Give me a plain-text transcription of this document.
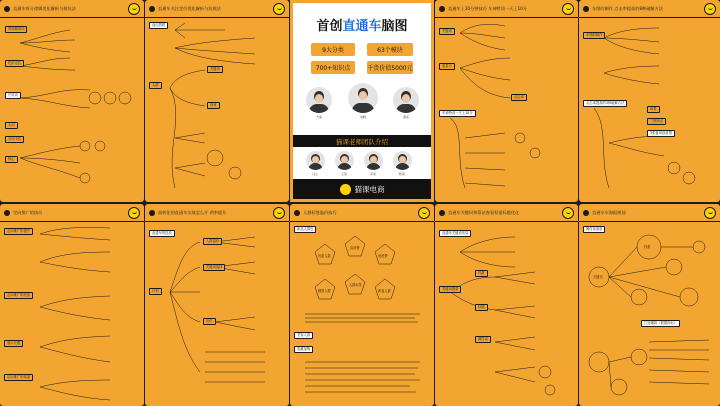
直通车拆分逻辑优化解析与排坑法
常规精准词
托价定位
长尾词
大词
分词卡位
核心
直通车关注定位优化解析与坑规法
选词思路
人群
关键词
创意
首创直通车脑图
9大分类	63个模块
700+知识点	千货价值5000元
方某	刘晓	黄某
猫课老师团队介绍
马立	王某	李某	陈某
猫课电商
直通车上10分钟技巧 车神特训一天上10分
关键词
质量分
车神特训一天上10分
点击率
车图的制作 点击率提高的8种破解方法
车图的制作
点击率提高的3种破解方法
场景
三图卖点
3张备用创意图
定向推广的技巧
定向推广的提升
定向推广的投放
展示位置
定向推广的渠道
高转化的直通车实战怎么开 两率提升
直通车的投放
计划
人群溢价
关键词选择
出价
人群标签溢价技巧
新品人群包
优质人群
高消费
低消费
精准人群
人群标签
新客人群
老客人群
收藏加购
直通车关键词和算法查看权重标题优化
直通车关键词布局
关键词搜索
权重
标题
属性词
直通车车海报规划
操作前准备
打造爆款（数据指标）
关键词
权重
